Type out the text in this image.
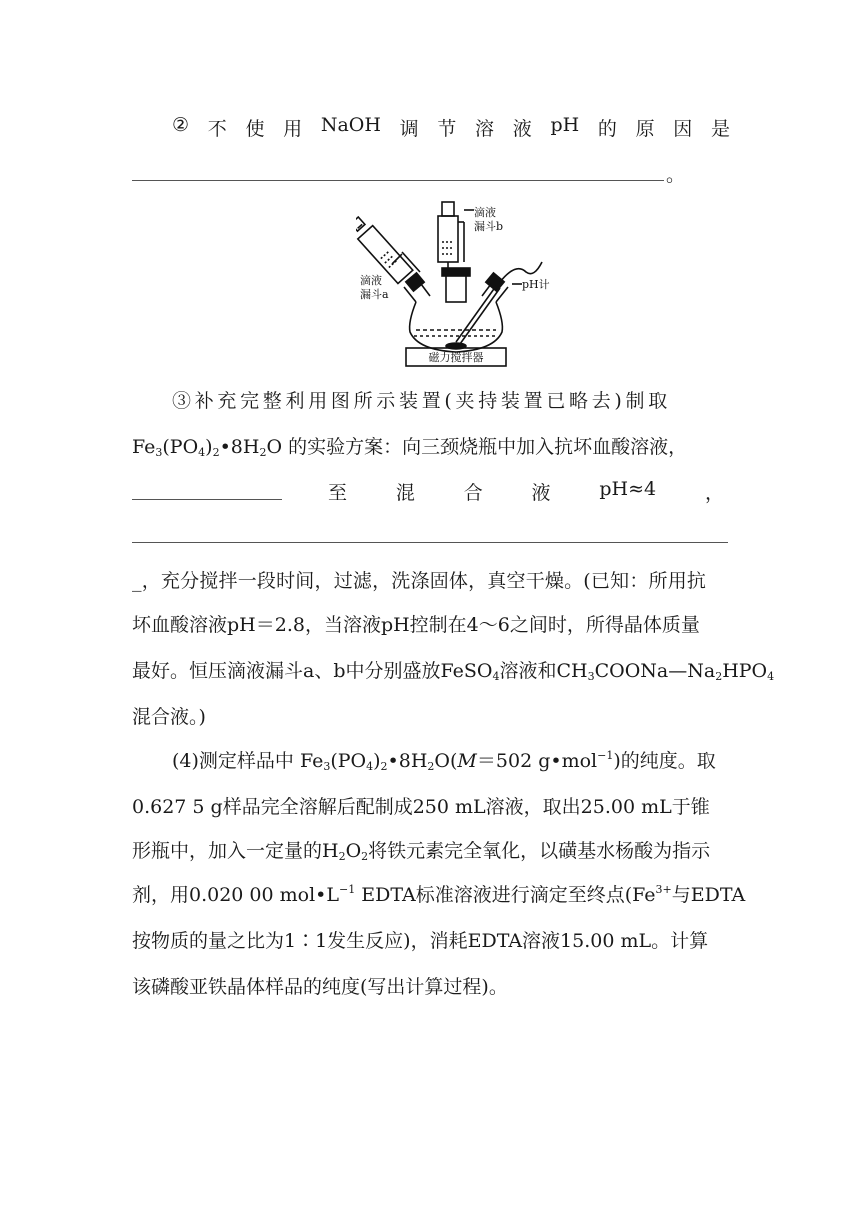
② 不 使 用 NaOH 调 节 溶 液 pH 的 原 因 是
。
滴液
漏斗b
滴液
漏斗a
pH计
磁力搅拌器
③补充完整利用图所示装置(夹持装置已略去)制取
$Fe_3(PO_4)_2•8H_2O$ 的实验方案：向三颈烧瓶中加入抗坏血酸溶液，
至	混	合	液	pH≈4	，
_，充分搅拌一段时间，过滤，洗涤固体，真空干燥。(已知：所用抗
坏血酸溶液pH＝2.8，当溶液pH控制在4～6之间时，所得晶体质量
最好。恒压滴液漏斗a、b中分别盛放FeSO$_4$溶液和$CH_3COONa—Na_2HPO_4$
混合液。)
(4)测定样品中 $Fe_3(PO_4)_2•8H_2O(M=502$ g•mol$^{-1}$)的纯度。取
0.627 5 g样品完全溶解后配制成250 mL溶液，取出25.00 mL于锥
形瓶中，加入一定量的$H_2O_2$将铁元素完全氧化，以磺基水杨酸为指示
剂，用0.020 00 $mol•L^{-1}$ EDTA标准溶液进行滴定至终点($Fe^{3+}$与EDTA
按物质的量之比为1∶1发生反应)，消耗EDTA溶液15.00 mL。计算
该磷酸亚铁晶体样品的纯度(写出计算过程)。
